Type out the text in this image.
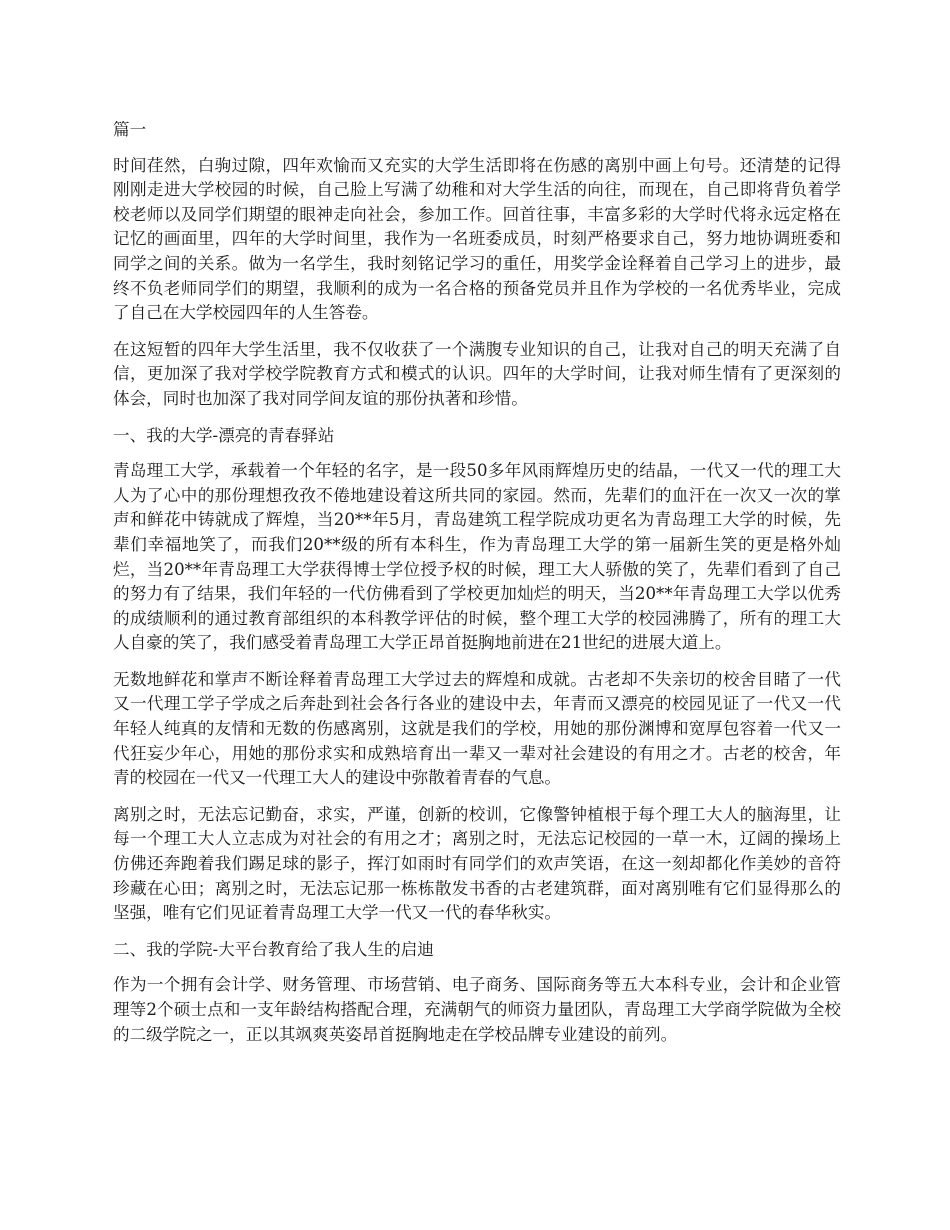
篇一

时间荏然，白驹过隙，四年欢愉而又充实的大学生活即将在伤感的离别中画上句号。还清楚的记得刚刚走进大学校园的时候，自己脸上写满了幼稚和对大学生活的向往，而现在，自己即将背负着学校老师以及同学们期望的眼神走向社会，参加工作。回首往事，丰富多彩的大学时代将永远定格在记忆的画面里，四年的大学时间里，我作为一名班委成员，时刻严格要求自己，努力地协调班委和同学之间的关系。做为一名学生，我时刻铭记学习的重任，用奖学金诠释着自己学习上的进步，最终不负老师同学们的期望，我顺利的成为一名合格的预备党员并且作为学校的一名优秀毕业，完成了自己在大学校园四年的人生答卷。

在这短暂的四年大学生活里，我不仅收获了一个满腹专业知识的自己，让我对自己的明天充满了自信，更加深了我对学校学院教育方式和模式的认识。四年的大学时间，让我对师生情有了更深刻的体会，同时也加深了我对同学间友谊的那份执著和珍惜。

一、我的大学-漂亮的青春驿站

青岛理工大学，承载着一个年轻的名字，是一段50多年风雨辉煌历史的结晶，一代又一代的理工大人为了心中的那份理想孜孜不倦地建设着这所共同的家园。然而，先辈们的血汗在一次又一次的掌声和鲜花中铸就成了辉煌，当20**年5月，青岛建筑工程学院成功更名为青岛理工大学的时候，先辈们幸福地笑了，而我们20**级的所有本科生，作为青岛理工大学的第一届新生笑的更是格外灿烂，当20**年青岛理工大学获得博士学位授予权的时候，理工大人骄傲的笑了，先辈们看到了自己的努力有了结果，我们年轻的一代仿佛看到了学校更加灿烂的明天，当20**年青岛理工大学以优秀的成绩顺利的通过教育部组织的本科教学评估的时候，整个理工大学的校园沸腾了，所有的理工大人自豪的笑了，我们感受着青岛理工大学正昂首挺胸地前进在21世纪的进展大道上。

无数地鲜花和掌声不断诠释着青岛理工大学过去的辉煌和成就。古老却不失亲切的校舍目睹了一代又一代理工学子学成之后奔赴到社会各行各业的建设中去，年青而又漂亮的校园见证了一代又一代年轻人纯真的友情和无数的伤感离别，这就是我们的学校，用她的那份渊博和宽厚包容着一代又一代狂妄少年心，用她的那份求实和成熟培育出一辈又一辈对社会建设的有用之才。古老的校舍，年青的校园在一代又一代理工大人的建设中弥散着青春的气息。

离别之时，无法忘记勤奋，求实，严谨，创新的校训，它像警钟植根于每个理工大人的脑海里，让每一个理工大人立志成为对社会的有用之才；离别之时，无法忘记校园的一草一木，辽阔的操场上仿佛还奔跑着我们踢足球的影子，挥汀如雨时有同学们的欢声笑语，在这一刻却都化作美妙的音符珍藏在心田；离别之时，无法忘记那一栋栋散发书香的古老建筑群，面对离别唯有它们显得那么的坚强，唯有它们见证着青岛理工大学一代又一代的春华秋实。

二、我的学院-大平台教育给了我人生的启迪

作为一个拥有会计学、财务管理、市场营销、电子商务、国际商务等五大本科专业，会计和企业管理等2个硕士点和一支年龄结构搭配合理，充满朝气的师资力量团队，青岛理工大学商学院做为全校的二级学院之一，正以其飒爽英姿昂首挺胸地走在学校品牌专业建设的前列。
